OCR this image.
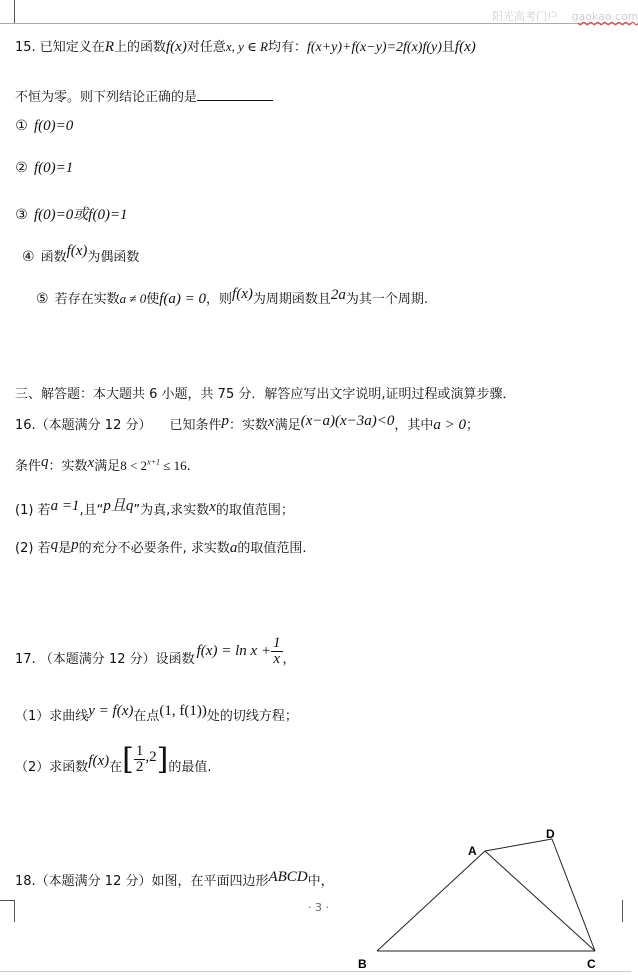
阳光高考门户 gaokao.com
15. 已知定义在R上的函数f(x)对任意x, y ∈ R均有：f(x+y)+f(x−y)=2f(x)f(y)且f(x)
不恒为零。则下列结论正确的是
① f(0)=0
② f(0)=1
③ f(0)=0或f(0)=1
④ 函数f(x)为偶函数
⑤ 若存在实数a ≠ 0使f(a) = 0，则f(x)为周期函数且2a为其一个周期.
三、解答题：本大题共 6 小题，共 75 分．解答应写出文字说明,证明过程或演算步骤．
16.（本题满分 12 分） 已知条件p：实数x满足(x−a)(x−3a)<0，其中a > 0；
条件q：实数x满足$8 < 2^{x+1} \le 16$.
(1) 若a =1,且“p且q”为真,求实数x的取值范围；
(2) 若q是p的充分不必要条件, 求实数a的取值范围.
17. （本题满分 12 分）设函数$f(x) = \ln x + \frac{1}{x}$ ，
（1）求曲线y = f(x)在点(1, f(1))处的切线方程；
（2）求函数f(x)在[ $\frac{1}{2} ,2$]的最值.
18.（本题满分 12 分）如图，在平面四边形ABCD中，
· 3 ·
A
D
B	C
